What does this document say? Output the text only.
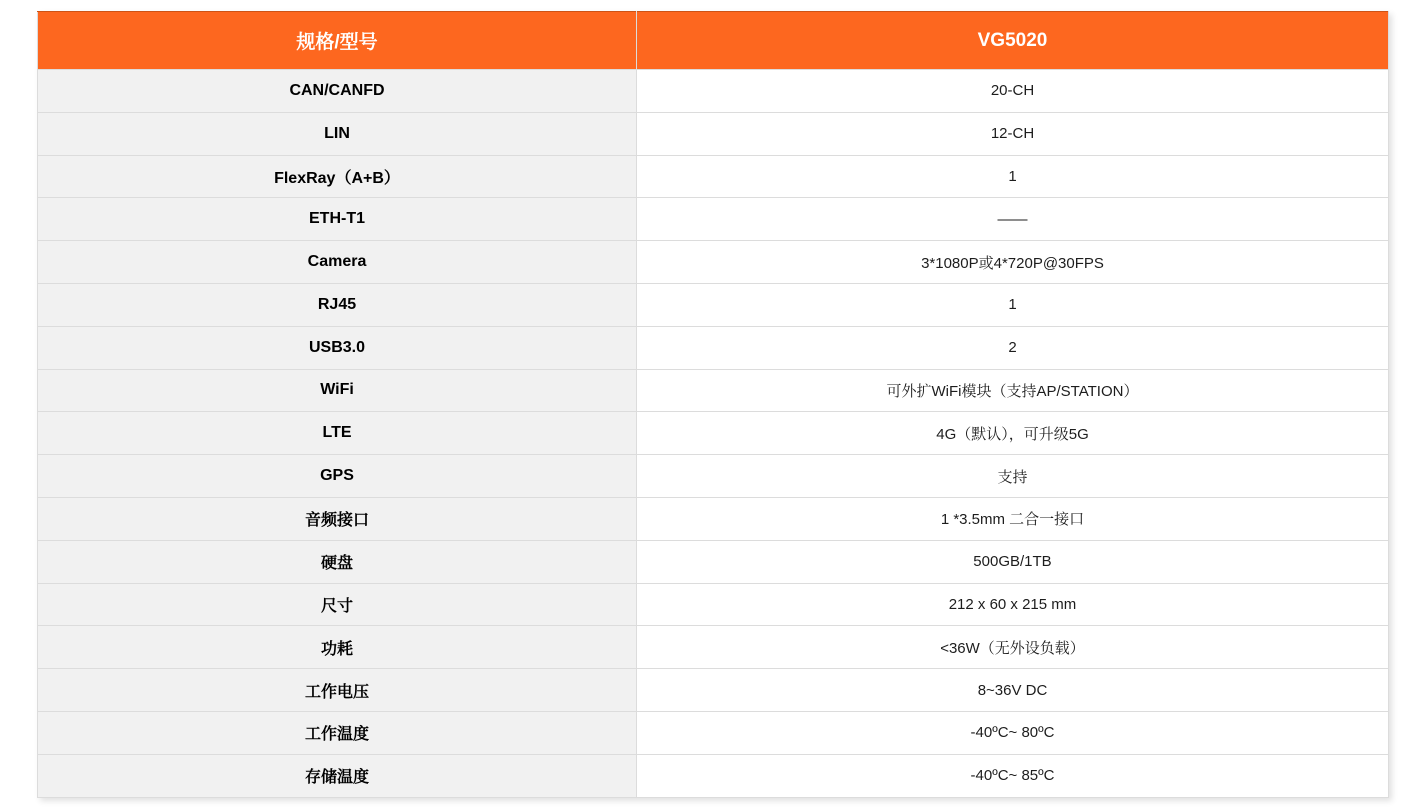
规格/型号	VG5020
CAN/CANFD	20-CH
LIN	12-CH
FlexRay（A+B）	1
ETH-T1	——
Camera	3*1080P或4*720P@30FPS
RJ45	1
USB3.0	2
WiFi	可外扩WiFi模块（支持AP/STATION）
LTE	4G（默认），可升级5G
GPS	支持
音频接口	1 *3.5mm 二合一接口
硬盘	500GB/1TB
尺寸	212 x 60 x 215 mm
功耗	<36W（无外设负载）
工作电压	8~36V DC
工作温度	-40ºC~ 80ºC
存储温度	-40ºC~ 85ºC
